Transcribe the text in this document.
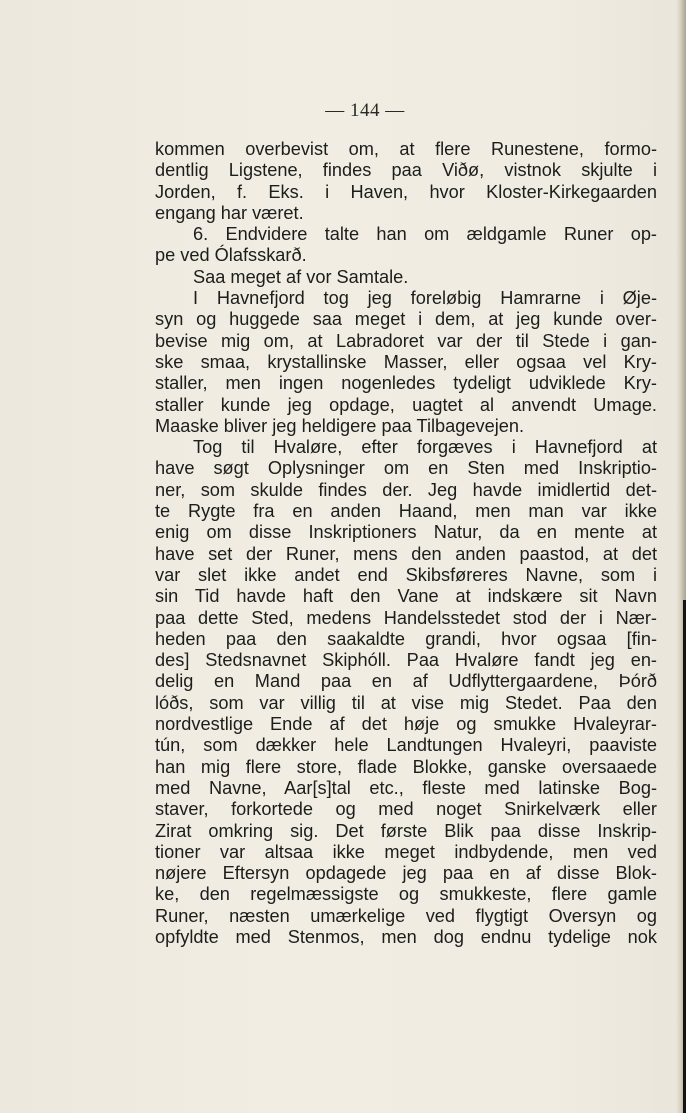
— 144 —
kommen overbevist om, at flere Runestene, formo-
dentlig Ligstene, findes paa Viðø, vistnok skjulte i
Jorden, f. Eks. i Haven, hvor Kloster-Kirkegaarden
engang har været.
6. Endvidere talte han om ældgamle Runer op-
pe ved Ólafsskarð.
Saa meget af vor Samtale.
I Havnefjord tog jeg foreløbig Hamrarne i Øje-
syn og huggede saa meget i dem, at jeg kunde over-
bevise mig om, at Labradoret var der til Stede i gan-
ske smaa, krystallinske Masser, eller ogsaa vel Kry-
staller, men ingen nogenledes tydeligt udviklede Kry-
staller kunde jeg opdage, uagtet al anvendt Umage.
Maaske bliver jeg heldigere paa Tilbagevejen.
Tog til Hvaløre, efter forgæves i Havnefjord at
have søgt Oplysninger om en Sten med Inskriptio-
ner, som skulde findes der. Jeg havde imidlertid det-
te Rygte fra en anden Haand, men man var ikke
enig om disse Inskriptioners Natur, da en mente at
have set der Runer, mens den anden paastod, at det
var slet ikke andet end Skibsføreres Navne, som i
sin Tid havde haft den Vane at indskære sit Navn
paa dette Sted, medens Handelsstedet stod der i Nær-
heden paa den saakaldte grandi, hvor ogsaa [fin-
des] Stedsnavnet Skiphóll. Paa Hvaløre fandt jeg en-
delig en Mand paa en af Udflyttergaardene, Þórð
lóðs, som var villig til at vise mig Stedet. Paa den
nordvestlige Ende af det høje og smukke Hvaleyrar-
tún, som dækker hele Landtungen Hvaleyri, paaviste
han mig flere store, flade Blokke, ganske oversaaede
med Navne, Aar[s]tal etc., fleste med latinske Bog-
staver, forkortede og med noget Snirkelværk eller
Zirat omkring sig. Det første Blik paa disse Inskrip-
tioner var altsaa ikke meget indbydende, men ved
nøjere Eftersyn opdagede jeg paa en af disse Blok-
ke, den regelmæssigste og smukkeste, flere gamle
Runer, næsten umærkelige ved flygtigt Oversyn og
opfyldte med Stenmos, men dog endnu tydelige nok
